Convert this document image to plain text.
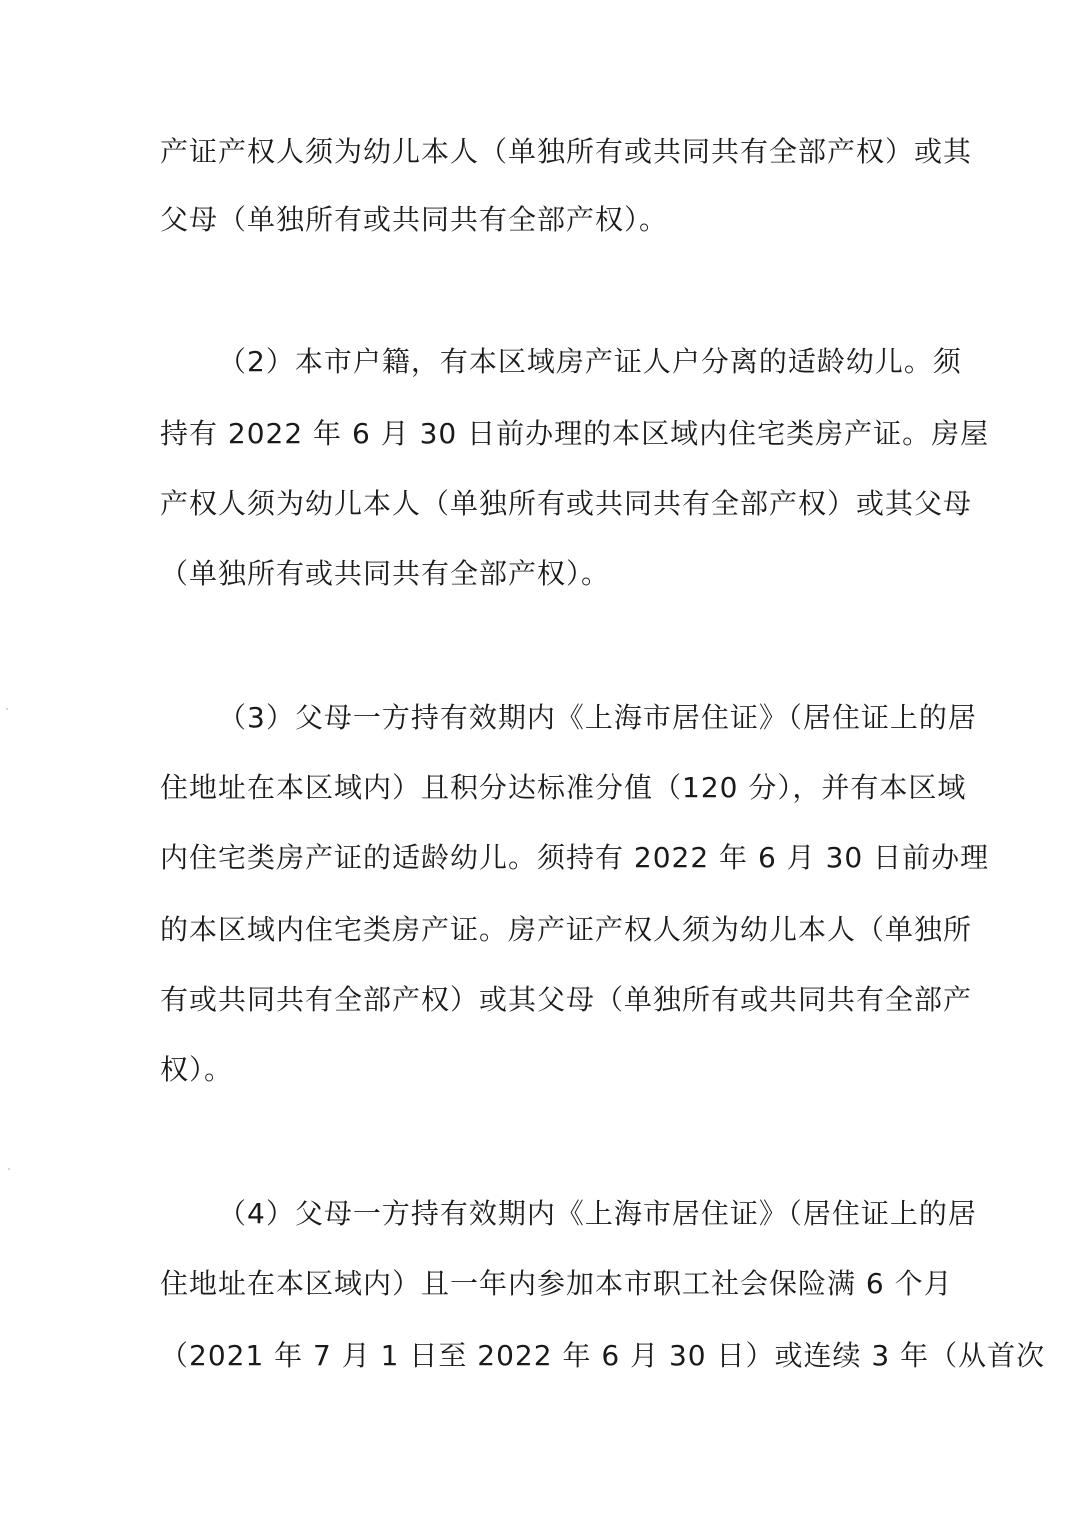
产证产权人须为幼儿本人（单独所有或共同共有全部产权）或其
父母（单独所有或共同共有全部产权）。
（2）本市户籍，有本区域房产证人户分离的适龄幼儿。须
持有 2022 年 6 月 30 日前办理的本区域内住宅类房产证。房屋
产权人须为幼儿本人（单独所有或共同共有全部产权）或其父母
（单独所有或共同共有全部产权）。
（3）父母一方持有效期内《上海市居住证》（居住证上的居
住地址在本区域内）且积分达标准分值（120 分），并有本区域
内住宅类房产证的适龄幼儿。须持有 2022 年 6 月 30 日前办理
的本区域内住宅类房产证。房产证产权人须为幼儿本人（单独所
有或共同共有全部产权）或其父母（单独所有或共同共有全部产
权）。
（4）父母一方持有效期内《上海市居住证》（居住证上的居
住地址在本区域内）且一年内参加本市职工社会保险满 6 个月
（2021 年 7 月 1 日至 2022 年 6 月 30 日）或连续 3 年（从首次
